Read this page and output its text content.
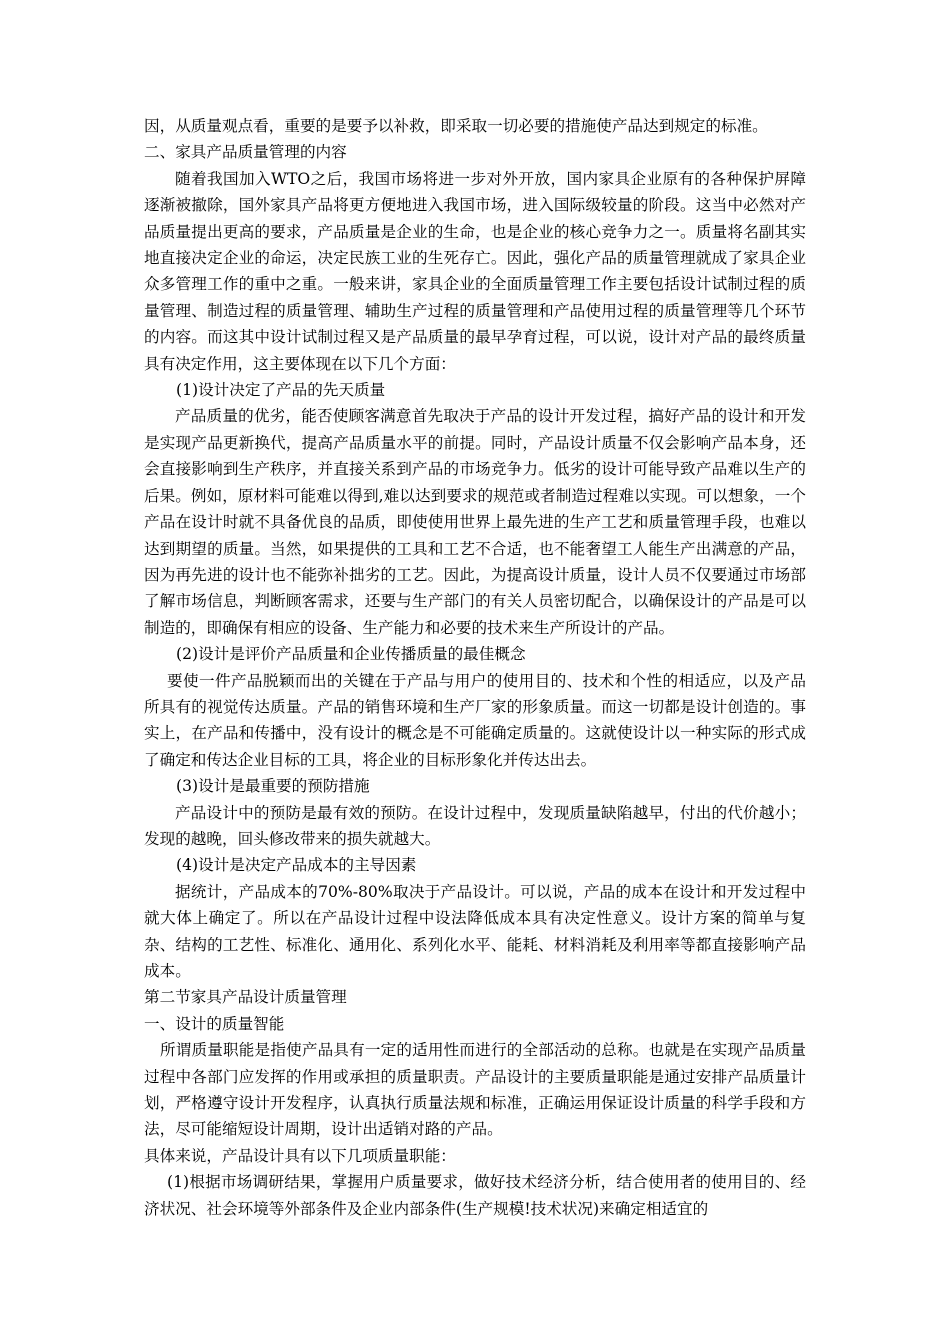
因，从质量观点看，重要的是要予以补救，即采取一切必要的措施使产品达到规定的标准。

二、家具产品质量管理的内容

随着我国加入WTO之后，我国市场将进一步对外开放，国内家具企业原有的各种保护屏障逐渐被撤除，国外家具产品将更方便地进入我国市场，进入国际级较量的阶段。这当中必然对产品质量提出更高的要求，产品质量是企业的生命，也是企业的核心竞争力之一。质量将名副其实地直接决定企业的命运，决定民族工业的生死存亡。因此，强化产品的质量管理就成了家具企业众多管理工作的重中之重。一般来讲，家具企业的全面质量管理工作主要包括设计试制过程的质量管理、制造过程的质量管理、辅助生产过程的质量管理和产品使用过程的质量管理等几个环节的内容。而这其中设计试制过程又是产品质量的最早孕育过程，可以说，设计对产品的最终质量具有决定作用，这主要体现在以下几个方面：

(1)设计决定了产品的先天质量

产品质量的优劣，能否使顾客满意首先取决于产品的设计开发过程，搞好产品的设计和开发是实现产品更新换代，提高产品质量水平的前提。同时，产品设计质量不仅会影响产品本身，还会直接影响到生产秩序，并直接关系到产品的市场竞争力。低劣的设计可能导致产品难以生产的后果。例如，原材料可能难以得到,难以达到要求的规范或者制造过程难以实现。可以想象，一个产品在设计时就不具备优良的品质，即使使用世界上最先进的生产工艺和质量管理手段，也难以达到期望的质量。当然，如果提供的工具和工艺不合适，也不能奢望工人能生产出满意的产品，因为再先进的设计也不能弥补拙劣的工艺。因此，为提高设计质量，设计人员不仅要通过市场部了解市场信息，判断顾客需求，还要与生产部门的有关人员密切配合，以确保设计的产品是可以制造的，即确保有相应的设备、生产能力和必要的技术来生产所设计的产品。

(2)设计是评价产品质量和企业传播质量的最佳概念

要使一件产品脱颖而出的关键在于产品与用户的使用目的、技术和个性的相适应，以及产品所具有的视觉传达质量。产品的销售环境和生产厂家的形象质量。而这一切都是设计创造的。事实上，在产品和传播中，没有设计的概念是不可能确定质量的。这就使设计以一种实际的形式成了确定和传达企业目标的工具，将企业的目标形象化并传达出去。

(3)设计是最重要的预防措施

产品设计中的预防是最有效的预防。在设计过程中，发现质量缺陷越早，付出的代价越小；发现的越晚，回头修改带来的损失就越大。

(4)设计是决定产品成本的主导因素

据统计，产品成本的70%-80%取决于产品设计。可以说，产品的成本在设计和开发过程中就大体上确定了。所以在产品设计过程中设法降低成本具有决定性意义。设计方案的简单与复杂、结构的工艺性、标准化、通用化、系列化水平、能耗、材料消耗及利用率等都直接影响产品成本。

第二节家具产品设计质量管理

一、设计的质量智能

所谓质量职能是指使产品具有一定的适用性而进行的全部活动的总称。也就是在实现产品质量过程中各部门应发挥的作用或承担的质量职责。产品设计的主要质量职能是通过安排产品质量计划，严格遵守设计开发程序，认真执行质量法规和标准，正确运用保证设计质量的科学手段和方法，尽可能缩短设计周期，设计出适销对路的产品。

具体来说，产品设计具有以下几项质量职能：

(1)根据市场调研结果，掌握用户质量要求，做好技术经济分析，结合使用者的使用目的、经济状况、社会环境等外部条件及企业内部条件(生产规模!技术状况)来确定相适宜的
